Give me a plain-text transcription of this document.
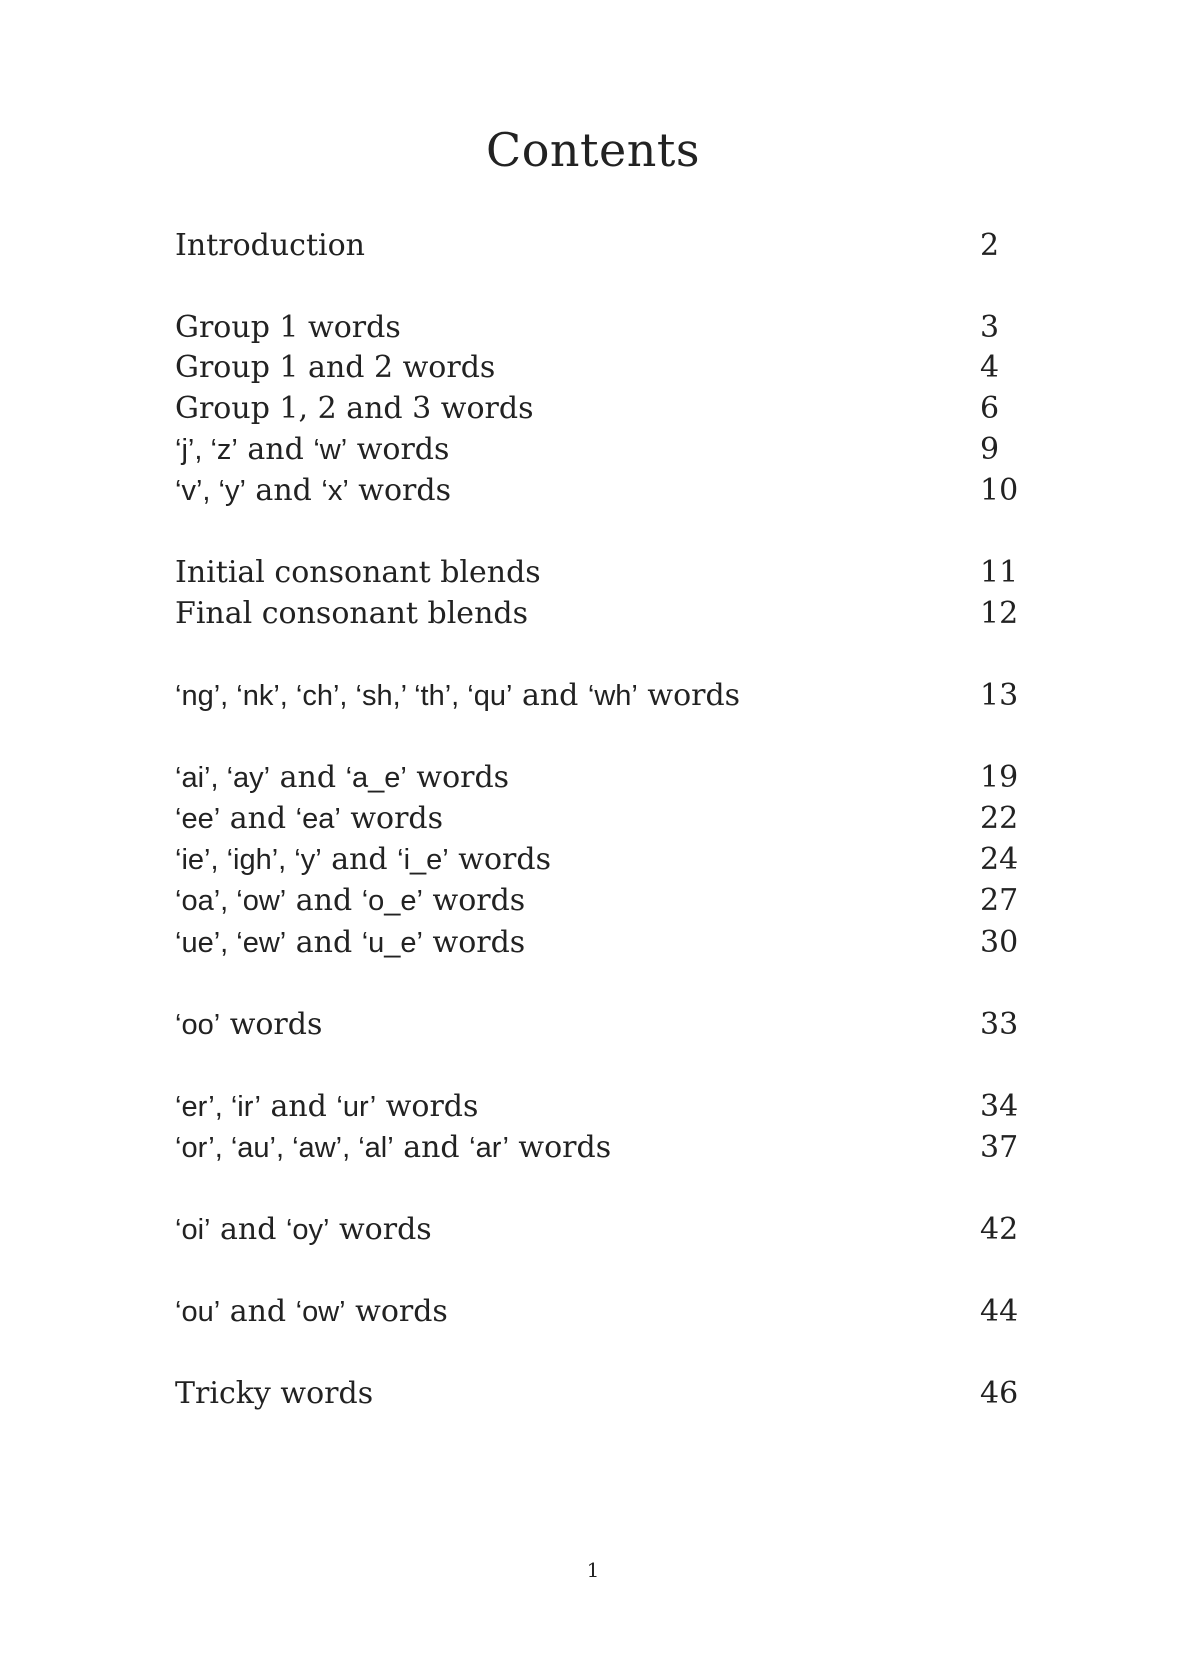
Contents
Introduction	2
Group 1 words	3
Group 1 and 2 words	4
Group 1, 2 and 3 words	6
‘j’, ‘z’ and ‘w’ words	9
‘v’, ‘y’ and ‘x’ words	10
Initial consonant blends	11
Final consonant blends	12
‘ng’, ‘nk’, ‘ch’, ‘sh,’ ‘th’, ‘qu’ and ‘wh’ words	13
‘ai’, ‘ay’ and ‘a_e’ words	19
‘ee’ and ‘ea’ words	22
‘ie’, ‘igh’, ‘y’ and ‘i_e’ words	24
‘oa’, ‘ow’ and ‘o_e’ words	27
‘ue’, ‘ew’ and ‘u_e’ words	30
‘oo’ words	33
‘er’, ‘ir’ and ‘ur’ words	34
‘or’, ‘au’, ‘aw’, ‘al’ and ‘ar’ words	37
‘oi’ and ‘oy’ words	42
‘ou’ and ‘ow’ words	44
Tricky words	46
1
